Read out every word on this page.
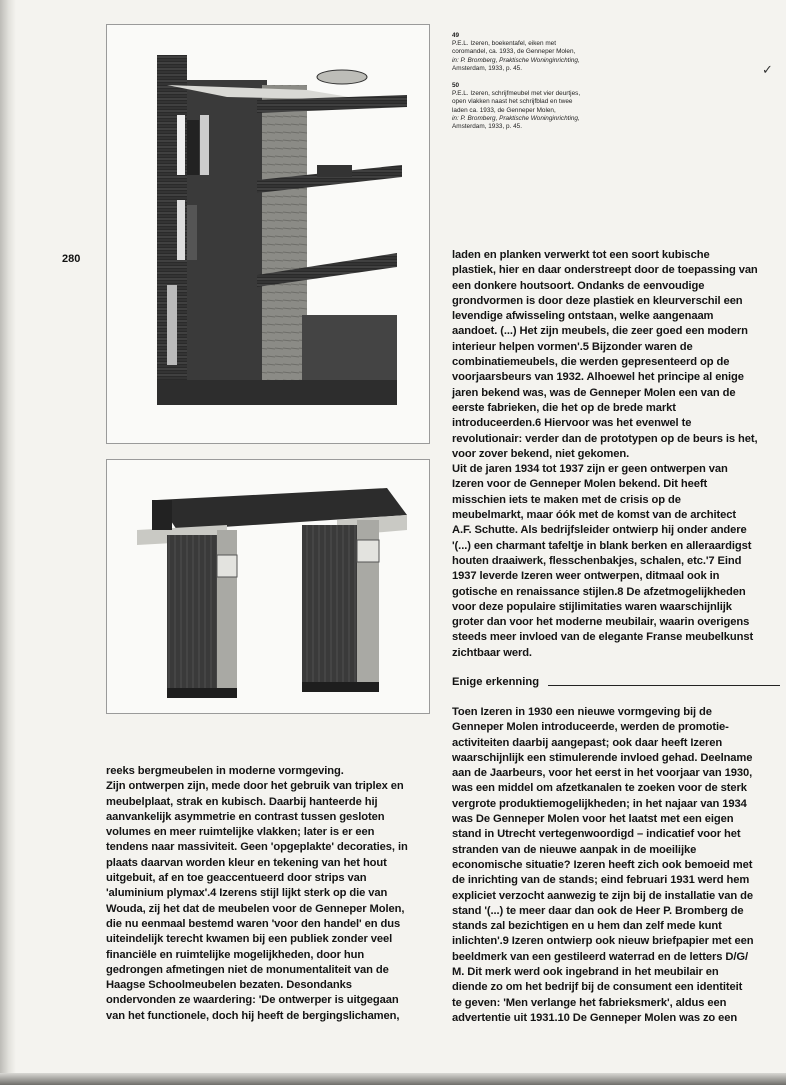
280
49
P.E.L. Izeren, boekentafel, eiken met
coromandel, ca. 1933, de Genneper Molen,
in: P. Bromberg, Praktische Woninginrichting,
Amsterdam, 1933, p. 45.
50
P.E.L. Izeren, schrijfmeubel met vier deurtjes,
open vlakken naast het schrijfblad en twee
laden ca. 1933, de Genneper Molen,
in: P. Bromberg, Praktische Woninginrichting,
Amsterdam, 1933, p. 45.
✓
laden en planken verwerkt tot een soort kubische
plastiek, hier en daar onderstreept door de toepassing van
een donkere houtsoort. Ondanks de eenvoudige
grondvormen is door deze plastiek en kleurverschil een
levendige afwisseling ontstaan, welke aangenaam
aandoet. (...) Het zijn meubels, die zeer goed een modern
interieur helpen vormen'.5 Bijzonder waren de
combinatiemeubels, die werden gepresenteerd op de
voorjaarsbeurs van 1932. Alhoewel het principe al enige
jaren bekend was, was de Genneper Molen een van de
eerste fabrieken, die het op de brede markt
introduceerden.6 Hiervoor was het evenwel te
revolutionair: verder dan de prototypen op de beurs is het,
voor zover bekend, niet gekomen.
Uit de jaren 1934 tot 1937 zijn er geen ontwerpen van
Izeren voor de Genneper Molen bekend. Dit heeft
misschien iets te maken met de crisis op de
meubelmarkt, maar óók met de komst van de architect
A.F. Schutte. Als bedrijfsleider ontwierp hij onder andere
'(...) een charmant tafeltje in blank berken en alleraardigst
houten draaiwerk, flesschenbakjes, schalen, etc.'7 Eind
1937 leverde Izeren weer ontwerpen, ditmaal ook in
gotische en renaissance stijlen.8 De afzetmogelijkheden
voor deze populaire stijlimitaties waren waarschijnlijk
groter dan voor het moderne meubilair, waarin overigens
steeds meer invloed van de elegante Franse meubelkunst
zichtbaar werd.
Enige erkenning
Toen Izeren in 1930 een nieuwe vormgeving bij de
Genneper Molen introduceerde, werden de promotie-
activiteiten daarbij aangepast; ook daar heeft Izeren
waarschijnlijk een stimulerende invloed gehad. Deelname
aan de Jaarbeurs, voor het eerst in het voorjaar van 1930,
was een middel om afzetkanalen te zoeken voor de sterk
vergrote produktiemogelijkheden; in het najaar van 1934
was De Genneper Molen voor het laatst met een eigen
stand in Utrecht vertegenwoordigd – indicatief voor het
stranden van de nieuwe aanpak in de moeilijke
economische situatie? Izeren heeft zich ook bemoeid met
de inrichting van de stands; eind februari 1931 werd hem
expliciet verzocht aanwezig te zijn bij de installatie van de
stand '(...) te meer daar dan ook de Heer P. Bromberg de
stands zal bezichtigen en u hem dan zelf mede kunt
inlichten'.9 Izeren ontwierp ook nieuw briefpapier met een
beeldmerk van een gestileerd waterrad en de letters D/G/
M. Dit merk werd ook ingebrand in het meubilair en
diende zo om het bedrijf bij de consument een identiteit
te geven: 'Men verlange het fabrieksmerk', aldus een
advertentie uit 1931.10 De Genneper Molen was zo een
reeks bergmeubelen in moderne vormgeving.
Zijn ontwerpen zijn, mede door het gebruik van triplex en
meubelplaat, strak en kubisch. Daarbij hanteerde hij
aanvankelijk asymmetrie en contrast tussen gesloten
volumes en meer ruimtelijke vlakken; later is er een
tendens naar massiviteit. Geen 'opgeplakte' decoraties, in
plaats daarvan worden kleur en tekening van het hout
uitgebuit, af en toe geaccentueerd door strips van
'aluminium plymax'.4 Izerens stijl lijkt sterk op die van
Wouda, zij het dat de meubelen voor de Genneper Molen,
die nu eenmaal bestemd waren 'voor den handel' en dus
uiteindelijk terecht kwamen bij een publiek zonder veel
financiële en ruimtelijke mogelijkheden, door hun
gedrongen afmetingen niet de monumentaliteit van de
Haagse Schoolmeubelen bezaten. Desondanks
ondervonden ze waardering: 'De ontwerper is uitgegaan
van het functionele, doch hij heeft de bergingslichamen,
